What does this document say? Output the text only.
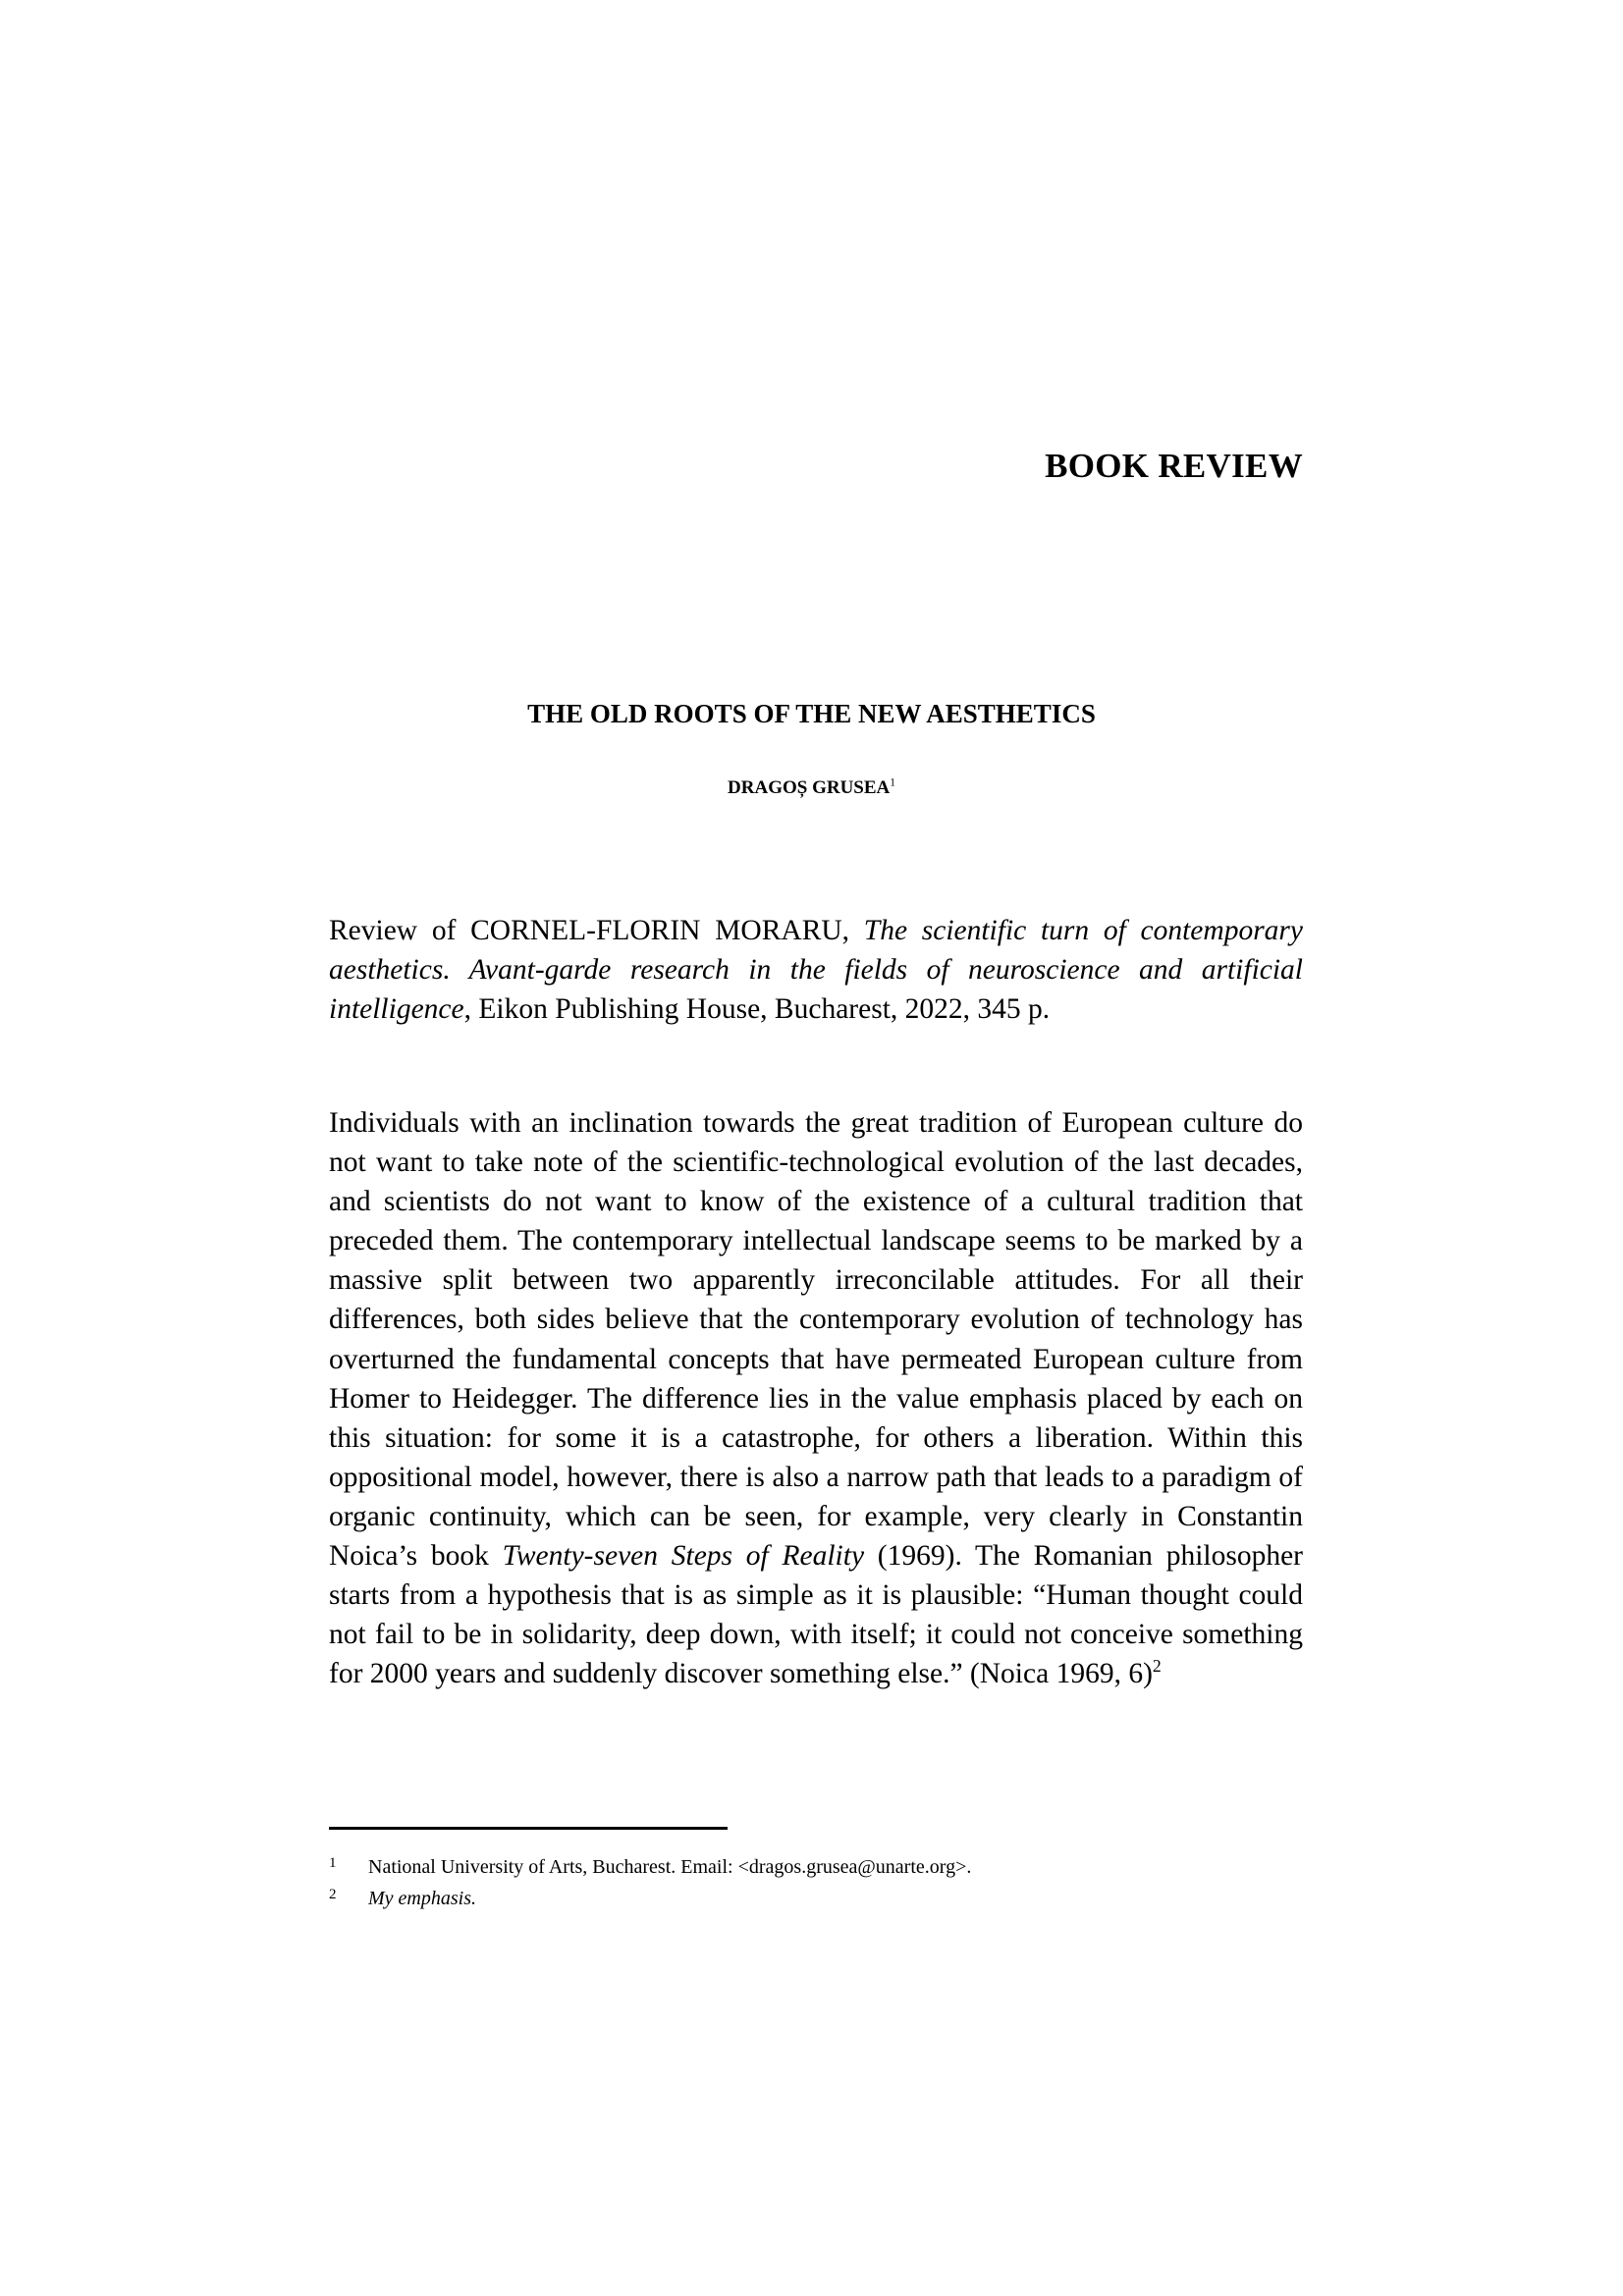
BOOK REVIEW
THE OLD ROOTS OF THE NEW AESTHETICS
DRAGOȘ GRUSEA$^1$

Review of CORNEL-FLORIN MORARU, The scientific turn of contemporary aesthetics. Avant-garde research in the fields of neuroscience and artificial intelligence, Eikon Publishing House, Bucharest, 2022, 345 p.

Individuals with an inclination towards the great tradition of European culture do not want to take note of the scientific-technological evolution of the last decades, and scientists do not want to know of the existence of a cultural tradition that preceded them. The contemporary intellectual landscape seems to be marked by a massive split between two apparently irreconcilable attitudes. For all their differences, both sides believe that the contemporary evolution of technology has overturned the fundamental concepts that have permeated European culture from Homer to Heidegger. The difference lies in the value emphasis placed by each on this situation: for some it is a catastrophe, for others a liberation. Within this oppositional model, however, there is also a narrow path that leads to a paradigm of organic continuity, which can be seen, for example, very clearly in Constantin Noica’s book Twenty-seven Steps of Reality (1969). The Romanian philosopher starts from a hypothesis that is as simple as it is plausible: “Human thought could not fail to be in solidarity, deep down, with itself; it could not conceive something for 2000 years and suddenly discover something else.” (Noica 1969, 6)$^2$

1	National University of Arts, Bucharest. Email: <dragos.grusea@unarte.org>.
2	My emphasis.
